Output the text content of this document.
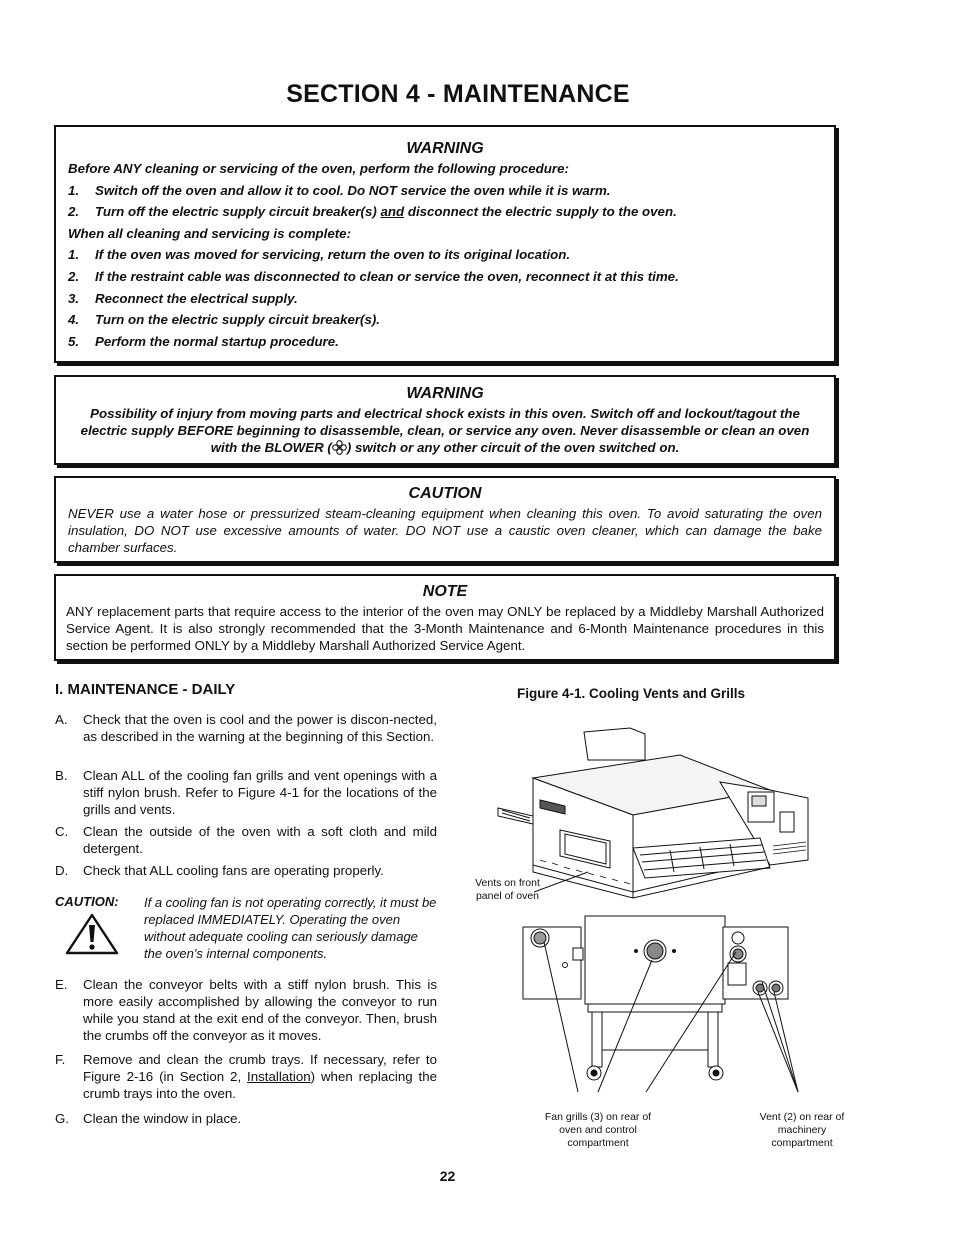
SECTION 4 - MAINTENANCE
WARNING
Before ANY cleaning or servicing of the oven, perform the following procedure:
1. Switch off the oven and allow it to cool. Do NOT service the oven while it is warm.
2. Turn off the electric supply circuit breaker(s) and disconnect the electric supply to the oven.
When all cleaning and servicing is complete:
1. If the oven was moved for servicing, return the oven to its original location.
2. If the restraint cable was disconnected to clean or service the oven, reconnect it at this time.
3. Reconnect the electrical supply.
4. Turn on the electric supply circuit breaker(s).
5. Perform the normal startup procedure.
WARNING
Possibility of injury from moving parts and electrical shock exists in this oven. Switch off and lockout/tagout the electric supply BEFORE beginning to disassemble, clean, or service any oven. Never disassemble or clean an oven with the BLOWER ( ) switch or any other circuit of the oven switched on.
CAUTION
NEVER use a water hose or pressurized steam-cleaning equipment when cleaning this oven. To avoid saturating the oven insulation, DO NOT use excessive amounts of water. DO NOT use a caustic oven cleaner, which can damage the bake chamber surfaces.
NOTE
ANY replacement parts that require access to the interior of the oven may ONLY be replaced by a Middleby Marshall Authorized Service Agent. It is also strongly recommended that the 3-Month Maintenance and 6-Month Maintenance procedures in this section be performed ONLY by a Middleby Marshall Authorized Service Agent.
I. MAINTENANCE - DAILY
A. Check that the oven is cool and the power is discon-nected, as described in the warning at the beginning of this Section.
B. Clean ALL of the cooling fan grills and vent openings with a stiff nylon brush. Refer to Figure 4-1 for the locations of the grills and vents.
C. Clean the outside of the oven with a soft cloth and mild detergent.
D. Check that ALL cooling fans are operating properly.
CAUTION: If a cooling fan is not operating correctly, it must be replaced IMMEDIATELY. Operating the oven without adequate cooling can seriously damage the oven's internal components.
E. Clean the conveyor belts with a stiff nylon brush. This is more easily accomplished by allowing the conveyor to run while you stand at the exit end of the conveyor. Then, brush the crumbs off the conveyor as it moves.
F. Remove and clean the crumb trays. If necessary, refer to Figure 2-16 (in Section 2, Installation) when replacing the crumb trays into the oven.
G. Clean the window in place.
Figure 4-1. Cooling Vents and Grills
Vents on front panel of oven
Fan grills (3) on rear of oven and control compartment
Vent (2) on rear of machinery compartment
22
